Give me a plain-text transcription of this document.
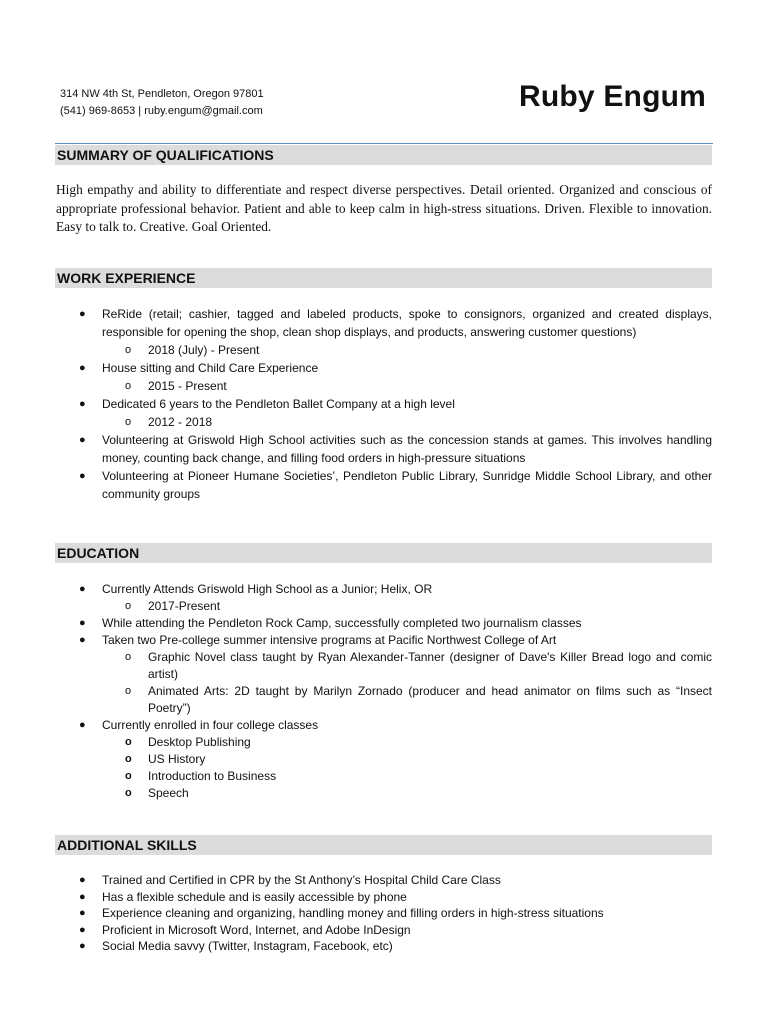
314 NW 4th St, Pendleton, Oregon 97801
(541) 969-8653 | ruby.engum@gmail.com	Ruby Engum
SUMMARY OF QUALIFICATIONS
High empathy and ability to differentiate and respect diverse perspectives. Detail oriented. Organized and conscious of appropriate professional behavior. Patient and able to keep calm in high-stress situations. Driven. Flexible to innovation. Easy to talk to. Creative. Goal Oriented.
WORK EXPERIENCE
● ReRide (retail; cashier, tagged and labeled products, spoke to consignors, organized and created displays, responsible for opening the shop, clean shop displays, and products, answering customer questions)
o 2018 (July) - Present
● House sitting and Child Care Experience
o 2015 - Present
● Dedicated 6 years to the Pendleton Ballet Company at a high level
o 2012 - 2018
● Volunteering at Griswold High School activities such as the concession stands at games. This involves handling money, counting back change, and filling food orders in high-pressure situations
● Volunteering at Pioneer Humane Societies’, Pendleton Public Library, Sunridge Middle School Library, and other community groups
EDUCATION
● Currently Attends Griswold High School as a Junior; Helix, OR
o 2017-Present
● While attending the Pendleton Rock Camp, successfully completed two journalism classes
● Taken two Pre-college summer intensive programs at Pacific Northwest College of Art
o Graphic Novel class taught by Ryan Alexander-Tanner (designer of Dave's Killer Bread logo and comic artist)
o Animated Arts: 2D taught by Marilyn Zornado (producer and head animator on films such as “Insect Poetry”)
● Currently enrolled in four college classes
o Desktop Publishing
o US History
o Introduction to Business
o Speech
ADDITIONAL SKILLS
● Trained and Certified in CPR by the St Anthony’s Hospital Child Care Class
● Has a flexible schedule and is easily accessible by phone
● Experience cleaning and organizing, handling money and filling orders in high-stress situations
● Proficient in Microsoft Word, Internet, and Adobe InDesign
● Social Media savvy (Twitter, Instagram, Facebook, etc)
